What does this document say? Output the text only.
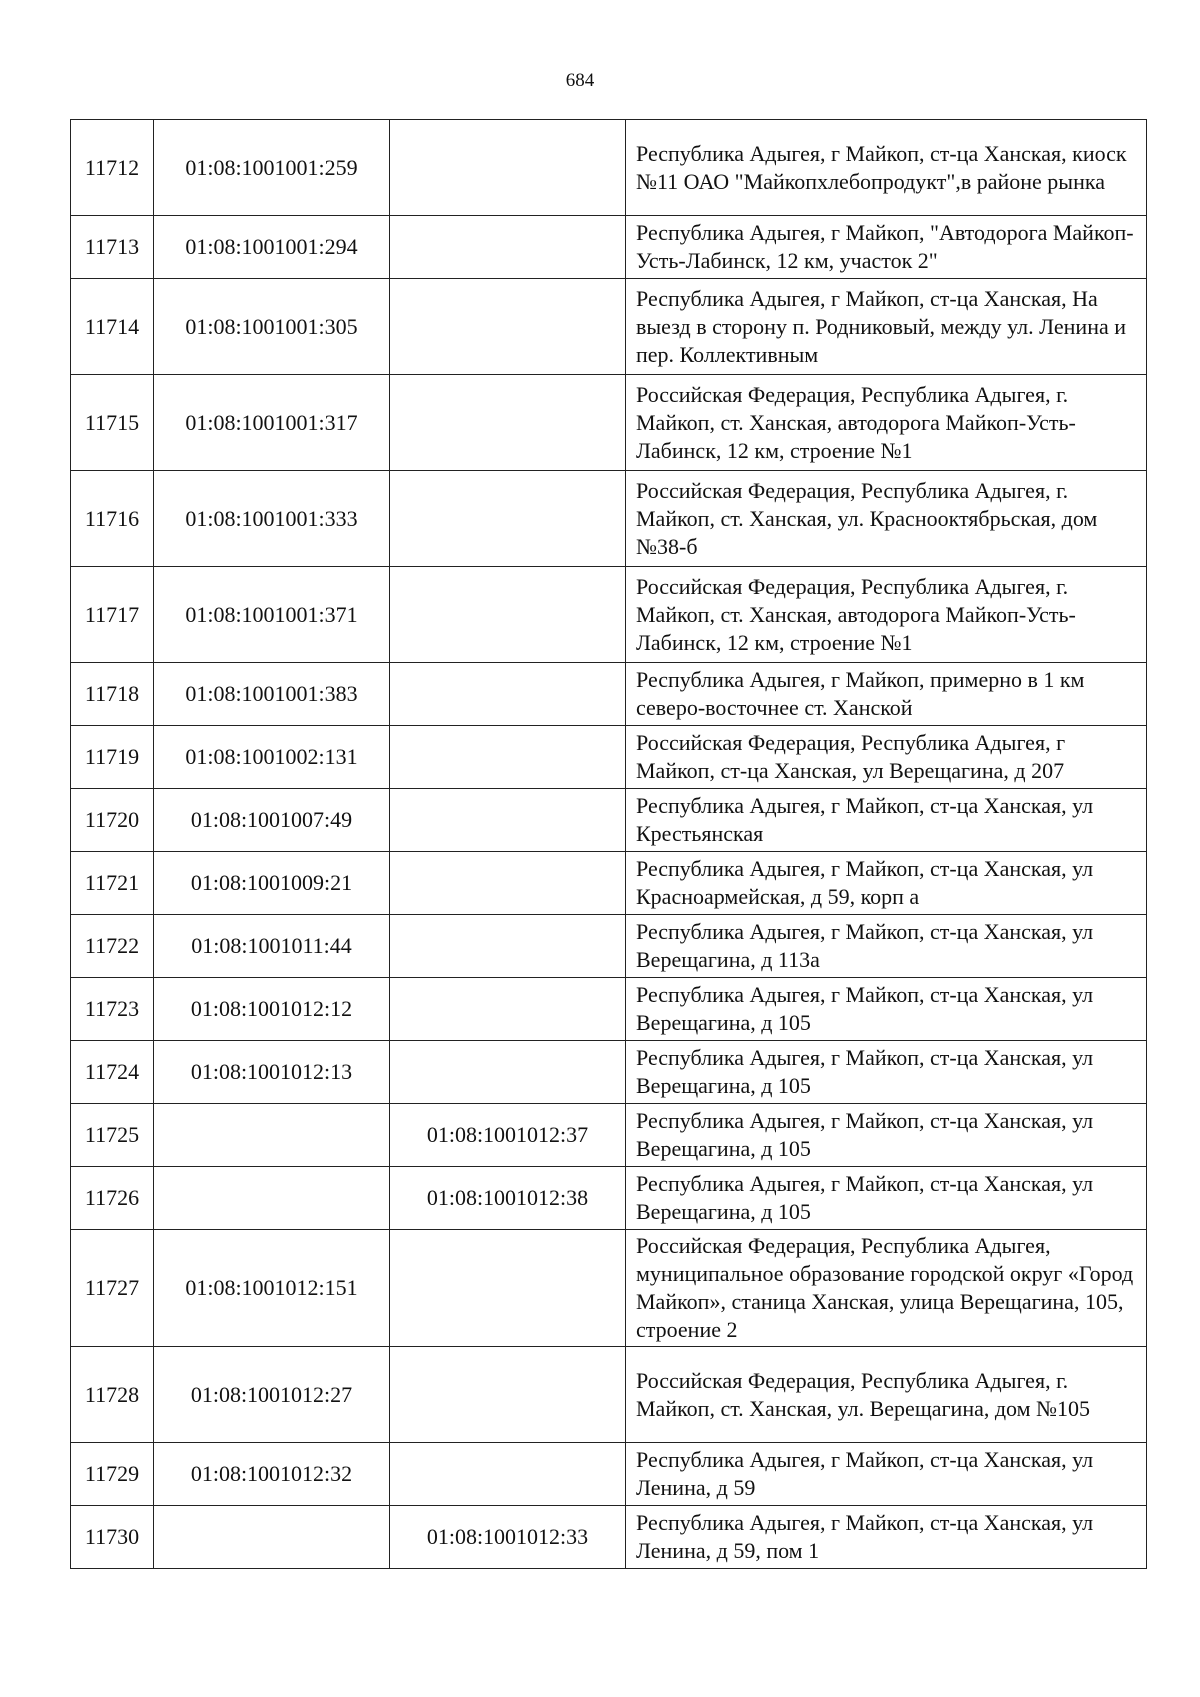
684
11712	01:08:1001001:259		Республика Адыгея, г Майкоп, ст-ца Ханская, киоск №11 ОАО "Майкопхлебопродукт",в районе рынка
11713	01:08:1001001:294		Республика Адыгея, г Майкоп, "Автодорога Майкоп-Усть-Лабинск, 12 км, участок 2"
11714	01:08:1001001:305		Республика Адыгея, г Майкоп, ст-ца Ханская, На выезд в сторону п. Родниковый, между ул. Ленина и пер. Коллективным
11715	01:08:1001001:317		Российская Федерация, Республика Адыгея, г. Майкоп, ст. Ханская, автодорога Майкоп-Усть-Лабинск, 12 км, строение №1
11716	01:08:1001001:333		Российская Федерация, Республика Адыгея, г. Майкоп, ст. Ханская, ул. Краснооктябрьская, дом №38-б
11717	01:08:1001001:371		Российская Федерация, Республика Адыгея, г. Майкоп, ст. Ханская, автодорога Майкоп-Усть-Лабинск, 12 км, строение №1
11718	01:08:1001001:383		Республика Адыгея, г Майкоп, примерно в 1 км северо-восточнее ст. Ханской
11719	01:08:1001002:131		Российская Федерация, Республика Адыгея, г Майкоп, ст-ца Ханская, ул Верещагина, д 207
11720	01:08:1001007:49		Республика Адыгея, г Майкоп, ст-ца Ханская, ул Крестьянская
11721	01:08:1001009:21		Республика Адыгея, г Майкоп, ст-ца Ханская, ул Красноармейская, д 59, корп а
11722	01:08:1001011:44		Республика Адыгея, г Майкоп, ст-ца Ханская, ул Верещагина, д 113а
11723	01:08:1001012:12		Республика Адыгея, г Майкоп, ст-ца Ханская, ул Верещагина, д 105
11724	01:08:1001012:13		Республика Адыгея, г Майкоп, ст-ца Ханская, ул Верещагина, д 105
11725		01:08:1001012:37	Республика Адыгея, г Майкоп, ст-ца Ханская, ул Верещагина, д 105
11726		01:08:1001012:38	Республика Адыгея, г Майкоп, ст-ца Ханская, ул Верещагина, д 105
11727	01:08:1001012:151		Российская Федерация, Республика Адыгея, муниципальное образование городской округ «Город Майкоп», станица Ханская, улица Верещагина, 105, строение 2
11728	01:08:1001012:27		Российская Федерация, Республика Адыгея, г. Майкоп, ст. Ханская, ул. Верещагина, дом №105
11729	01:08:1001012:32		Республика Адыгея, г Майкоп, ст-ца Ханская, ул Ленина, д 59
11730		01:08:1001012:33	Республика Адыгея, г Майкоп, ст-ца Ханская, ул Ленина, д 59, пом 1
